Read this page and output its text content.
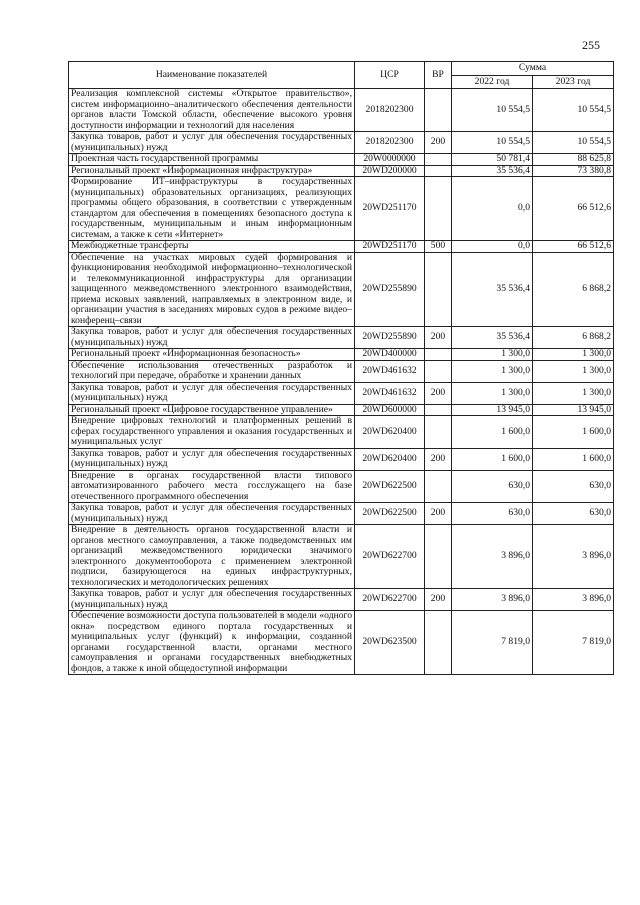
255
Наименование показателей	ЦСР	ВР	Сумма	
			2022 год	2023 год
Реализация комплексной системы «Открытое правительство», систем информационно–аналитического обеспечения деятельности органов власти Томской области, обеспечение высокого уровня доступности информации и технологий для населения	2018202300		10 554,5	10 554,5
Закупка товаров, работ и услуг для обеспечения государственных (муниципальных) нужд	2018202300	200	10 554,5	10 554,5
Проектная часть государственной программы	20W0000000		50 781,4	88 625,8
Региональный проект «Информационная инфраструктура»	20WD200000		35 536,4	73 380,8
Формирование ИТ–инфраструктуры в государственных (муниципальных) образовательных организациях, реализующих программы общего образования, в соответствии с утвержденным стандартом для обеспечения в помещениях безопасного доступа к государственным, муниципальным и иным информационным системам, а также к сети «Интернет»	20WD251170		0,0	66 512,6
Межбюджетные трансферты	20WD251170	500	0,0	66 512,6
Обеспечение на участках мировых судей формирования и функционирования необходимой информационно–технологической и телекоммуникационной инфраструктуры для организации защищенного межведомственного электронного взаимодействия, приема исковых заявлений, направляемых в электронном виде, и организации участия в заседаниях мировых судов в режиме видео–конференц–связи	20WD255890		35 536,4	6 868,2
Закупка товаров, работ и услуг для обеспечения государственных (муниципальных) нужд	20WD255890	200	35 536,4	6 868,2
Региональный проект «Информационная безопасность»	20WD400000		1 300,0	1 300,0
Обеспечение использования отечественных разработок и технологий при передаче, обработке и хранении данных	20WD461632		1 300,0	1 300,0
Закупка товаров, работ и услуг для обеспечения государственных (муниципальных) нужд	20WD461632	200	1 300,0	1 300,0
Региональный проект «Цифровое государственное управление»	20WD600000		13 945,0	13 945,0
Внедрение цифровых технологий и платформенных решений в сферах государственного управления и оказания государственных и муниципальных услуг	20WD620400		1 600,0	1 600,0
Закупка товаров, работ и услуг для обеспечения государственных (муниципальных) нужд	20WD620400	200	1 600,0	1 600,0
Внедрение в органах государственной власти типового автоматизированного рабочего места госслужащего на базе отечественного программного обеспечения	20WD622500		630,0	630,0
Закупка товаров, работ и услуг для обеспечения государственных (муниципальных) нужд	20WD622500	200	630,0	630,0
Внедрение в деятельность органов государственной власти и органов местного самоуправления, а также подведомственных им организаций межведомственного юридически значимого электронного документооборота с применением электронной подписи, базирующегося на единых инфраструктурных, технологических и методологических решениях	20WD622700		3 896,0	3 896,0
Закупка товаров, работ и услуг для обеспечения государственных (муниципальных) нужд	20WD622700	200	3 896,0	3 896,0
Обеспечение возможности доступа пользователей в модели «одного окна» посредством единого портала государственных и муниципальных услуг (функций) к информации, созданной органами государственной власти, органами местного самоуправления и органами государственных внебюджетных фондов, а также к иной общедоступной информации	20WD623500		7 819,0	7 819,0
